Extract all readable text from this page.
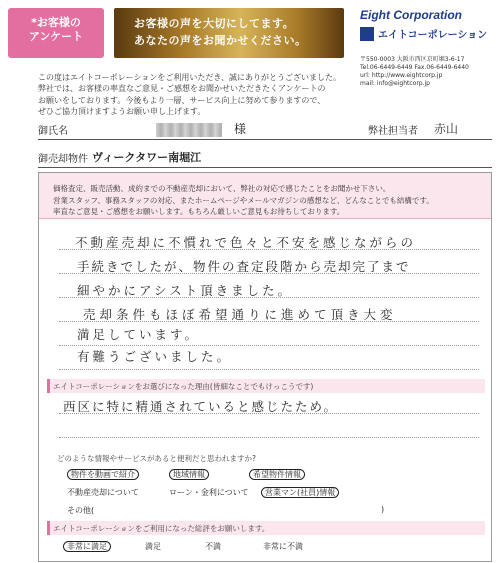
*お客様の
アンケート
お客様の声を大切にしてます。
あなたの声をお聞かせください。
Eight Corporation
エイトコーポレーション
〒550-0003 大阪市西区京町堀3-6-17
Tel.06-6449-6449 Fax.06-6449-6440
url: http://www.eightcorp.jp
mail: info@eightcorp.jp
この度はエイトコーポレーションをご利用いただき、誠にありがとうございました。
弊社では、お客様の率直なご意見・ご感想をお聞かせいただきたくアンケートの
お願いをしております。今後もより一層、サービス向上に努めて参りますので、
ぜひご協力頂けますようお願い申し上げます。
御氏名	様	弊社担当者 赤山
御売却物件 ヴィークタワー南堀江
価格査定、販売活動、成約までの不動産売却において、弊社の対応で感じたことをお聞かせ下さい。
営業スタッフ、事務スタッフの対応、またホームページやメールマガジンの感想など、どんなことでも結構です。
率直なご意見・ご感想をお願いします。もちろん厳しいご意見もお待ちしております。
不動産売却に不慣れで色々と不安を感じながらの
手続きでしたが、物件の査定段階から売却完了まで
細やかにアシスト頂きました。
売却条件もほぼ希望通りに進めて頂き大変
満足しています。
有難うございました。
エイトコーポレーションをお選びになった理由(皆細なことでもけっこうです)
西区に特に精通されていると感じたため。
どのような情報やサービスがあると便利だと思われますか?
物件を動画で紹介	地域情報	希望物件情報
不動産売却について	ローン・金利について	営業マン(社員)情報
その他(	)
エイトコーポレーションをご利用になった総評をお願いします。
非常に満足	満足	不満	非常に不満
